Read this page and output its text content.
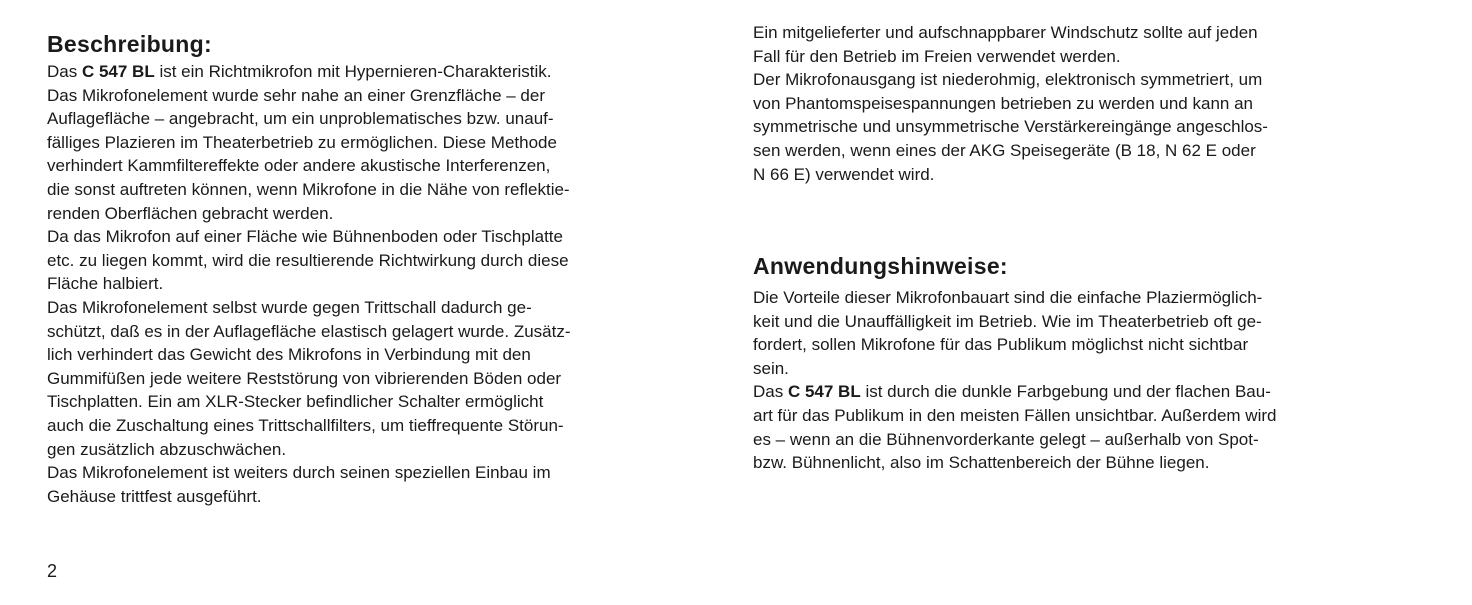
Beschreibung:

Das C 547 BL ist ein Richtmikrofon mit Hypernieren-Charakteristik.

Das Mikrofonelement wurde sehr nahe an einer Grenzfläche – der

Auflagefläche – angebracht, um ein unproblematisches bzw. unauf-

fälliges Plazieren im Theaterbetrieb zu ermöglichen. Diese Methode

verhindert Kammfiltereffekte oder andere akustische Interferenzen,

die sonst auftreten können, wenn Mikrofone in die Nähe von reflektie-

renden Oberflächen gebracht werden.

Da das Mikrofon auf einer Fläche wie Bühnenboden oder Tischplatte

etc. zu liegen kommt, wird die resultierende Richtwirkung durch diese

Fläche halbiert.

Das Mikrofonelement selbst wurde gegen Trittschall dadurch ge-

schützt, daß es in der Auflagefläche elastisch gelagert wurde. Zusätz-

lich verhindert das Gewicht des Mikrofons in Verbindung mit den

Gummifüßen jede weitere Reststörung von vibrierenden Böden oder

Tischplatten. Ein am XLR-Stecker befindlicher Schalter ermöglicht

auch die Zuschaltung eines Trittschallfilters, um tieffrequente Störun-

gen zusätzlich abzuschwächen.

Das Mikrofonelement ist weiters durch seinen speziellen Einbau im

Gehäuse trittfest ausgeführt.

Ein mitgelieferter und aufschnappbarer Windschutz sollte auf jeden

Fall für den Betrieb im Freien verwendet werden.

Der Mikrofonausgang ist niederohmig, elektronisch symmetriert, um

von Phantomspeisespannungen betrieben zu werden und kann an

symmetrische und unsymmetrische Verstärkereingänge angeschlos-

sen werden, wenn eines der AKG Speisegeräte (B 18, N 62 E oder

N 66 E) verwendet wird.

Anwendungshinweise:

Die Vorteile dieser Mikrofonbauart sind die einfache Plaziermöglich-

keit und die Unauffälligkeit im Betrieb. Wie im Theaterbetrieb oft ge-

fordert, sollen Mikrofone für das Publikum möglichst nicht sichtbar

sein.

Das C 547 BL ist durch die dunkle Farbgebung und der flachen Bau-

art für das Publikum in den meisten Fällen unsichtbar. Außerdem wird

es – wenn an die Bühnenvorderkante gelegt – außerhalb von Spot-

bzw. Bühnenlicht, also im Schattenbereich der Bühne liegen.

2
